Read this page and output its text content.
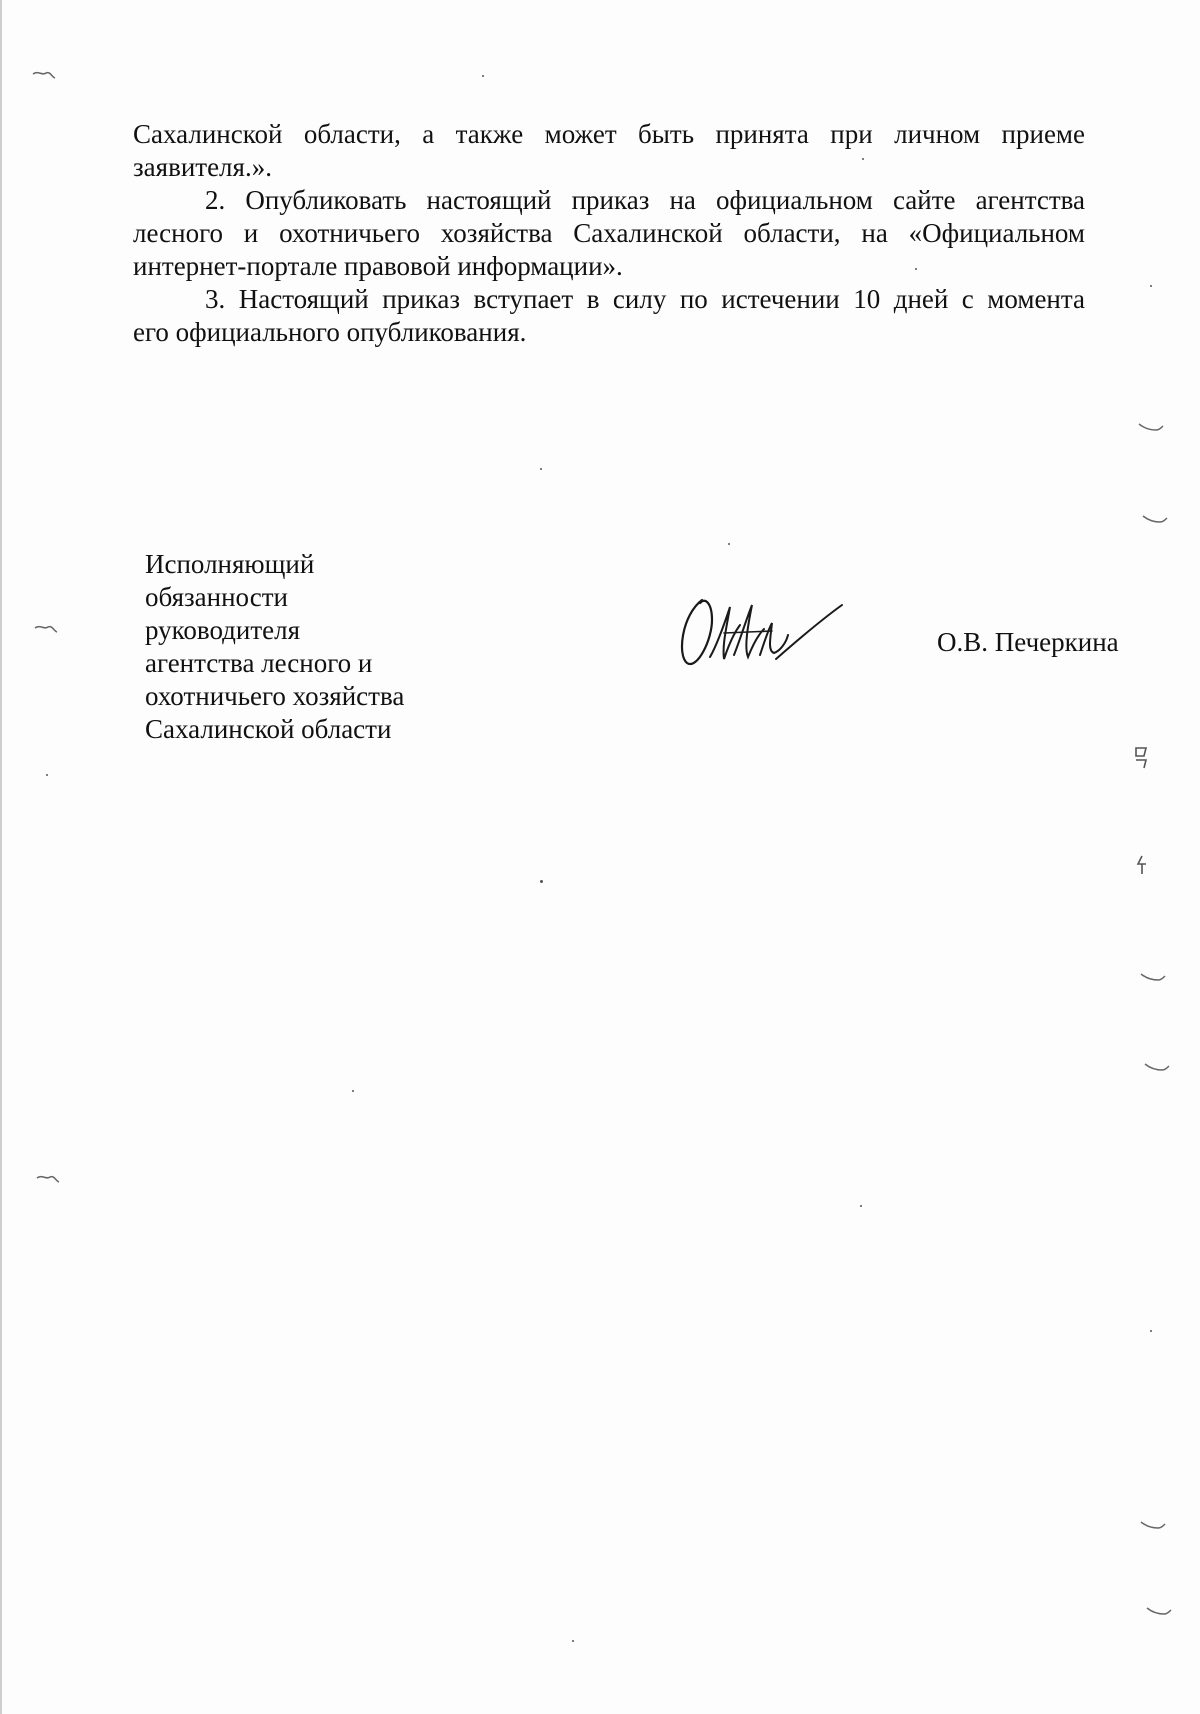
Сахалинской области, а также может быть принята при личном приеме
заявителя.».
2. Опубликовать настоящий приказ на официальном сайте агентства
лесного и охотничьего хозяйства Сахалинской области, на «Официальном
интернет-портале правовой информации».
3. Настоящий приказ вступает в силу по истечении 10 дней с момента
его официального опубликования.
Исполняющий
обязанности
руководителя
агентства лесного и
охотничьего хозяйства
Сахалинской области
О.В. Печеркина
